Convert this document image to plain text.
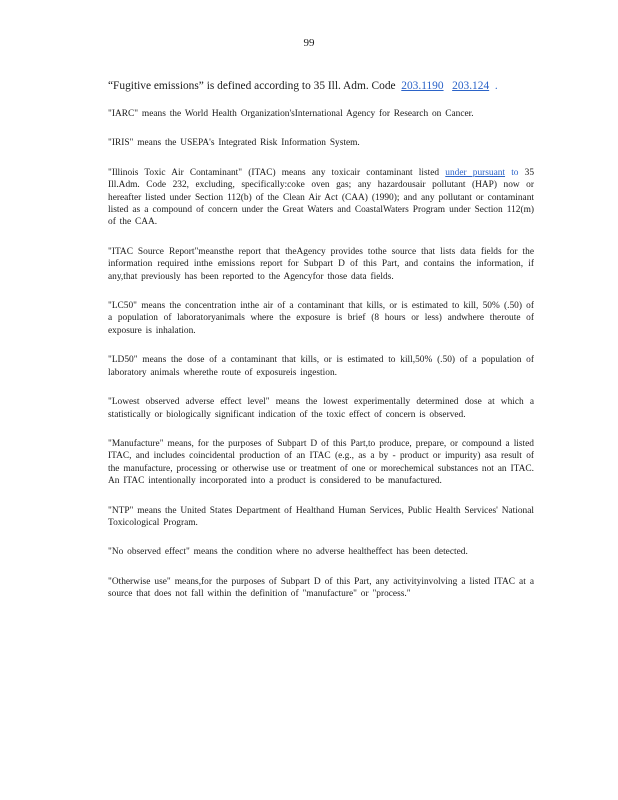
99

“Fugitive emissions” is defined according to 35 Ill. Adm. Code 203.1190 203.124 .

"IARC" means the World Health Organization'sInternational Agency for Research on Cancer.

"IRIS" means the USEPA's Integrated Risk Information System.

"Illinois Toxic Air Contaminant" (ITAC) means any toxicair contaminant listed under pursuant to 35 Ill.Adm. Code 232, excluding, specifically:coke oven gas; any hazardousair pollutant (HAP) now or hereafter listed under Section 112(b) of the Clean Air Act (CAA) (1990); and any pollutant or contaminant listed as a compound of concern under the Great Waters and CoastalWaters Program under Section 112(m) of the CAA.

"ITAC Source Report"meansthe report that theAgency provides tothe source that lists data fields for the information required inthe emissions report for Subpart D of this Part, and contains the information, if any,that previously has been reported to the Agencyfor those data fields.

"LC50" means the concentration inthe air of a contaminant that kills, or is estimated to kill, 50% (.50) of a population of laboratoryanimals where the exposure is brief (8 hours or less) andwhere theroute of exposure is inhalation.

"LD50" means the dose of a contaminant that kills, or is estimated to kill,50% (.50) of a population of laboratory animals wherethe route of exposureis ingestion.

"Lowest observed adverse effect level" means the lowest experimentally determined dose at which a statistically or biologically significant indication of the toxic effect of concern is observed.

"Manufacture" means, for the purposes of Subpart D of this Part,to produce, prepare, or compound a listed ITAC, and includes coincidental production of an ITAC (e.g., as a by - product or impurity) asa result of the manufacture, processing or otherwise use or treatment of one or morechemical substances not an ITAC. An ITAC intentionally incorporated into a product is considered to be manufactured.

"NTP" means the United States Department of Healthand Human Services, Public Health Services' National Toxicological Program.

"No observed effect" means the condition where no adverse healtheffect has been detected.

"Otherwise use" means,for the purposes of Subpart D of this Part, any activityinvolving a listed ITAC at a source that does not fall within the definition of "manufacture" or "process."
